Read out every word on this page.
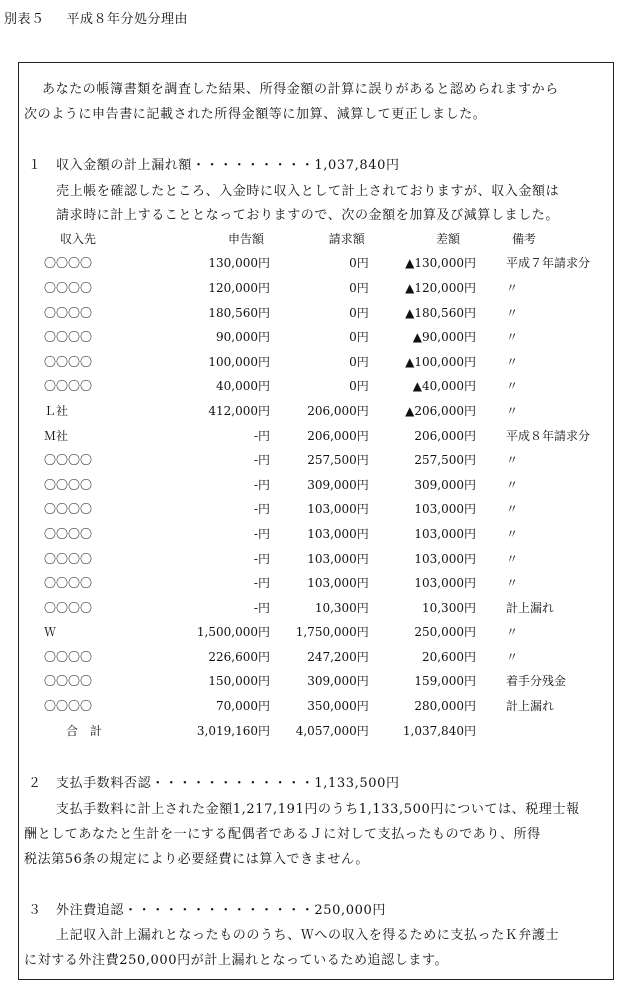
別表５ 平成８年分処分理由
あなたの帳簿書類を調査した結果、所得金額の計算に誤りがあると認められますから
次のように申告書に記載された所得金額等に加算、減算して更正しました。
１ 収入金額の計上漏れ額・・・・・・・・・1,037,840円
売上帳を確認したところ、入金時に収入として計上されておりますが、収入金額は
請求時に計上することとなっておりますので、次の金額を加算及び減算しました。
収入先	申告額	請求額	差額	備考
〇〇〇〇	130,000円	0円	▲130,000円	平成７年請求分
〇〇〇〇	120,000円	0円	▲120,000円	〃
〇〇〇〇	180,560円	0円	▲180,560円	〃
〇〇〇〇	90,000円	0円	▲90,000円	〃
〇〇〇〇	100,000円	0円	▲100,000円	〃
〇〇〇〇	40,000円	0円	▲40,000円	〃
Ｌ社	412,000円	206,000円	▲206,000円	〃
Ｍ社	-円	206,000円	206,000円	平成８年請求分
〇〇〇〇	-円	257,500円	257,500円	〃
〇〇〇〇	-円	309,000円	309,000円	〃
〇〇〇〇	-円	103,000円	103,000円	〃
〇〇〇〇	-円	103,000円	103,000円	〃
〇〇〇〇	-円	103,000円	103,000円	〃
〇〇〇〇	-円	103,000円	103,000円	〃
〇〇〇〇	-円	10,300円	10,300円	計上漏れ
Ｗ	1,500,000円	1,750,000円	250,000円	〃
〇〇〇〇	226,600円	247,200円	20,600円	〃
〇〇〇〇	150,000円	309,000円	159,000円	着手分残金
〇〇〇〇	70,000円	350,000円	280,000円	計上漏れ
合　計	3,019,160円	4,057,000円	1,037,840円	
２ 支払手数料否認・・・・・・・・・・・・1,133,500円
支払手数料に計上された金額1,217,191円のうち1,133,500円については、税理士報
酬としてあなたと生計を一にする配偶者であるＪに対して支払ったものであり、所得
税法第56条の規定により必要経費には算入できません。
３ 外注費追認・・・・・・・・・・・・・・250,000円
上記収入計上漏れとなったもののうち、Ｗへの収入を得るために支払ったＫ弁護士
に対する外注費250,000円が計上漏れとなっているため追認します。
